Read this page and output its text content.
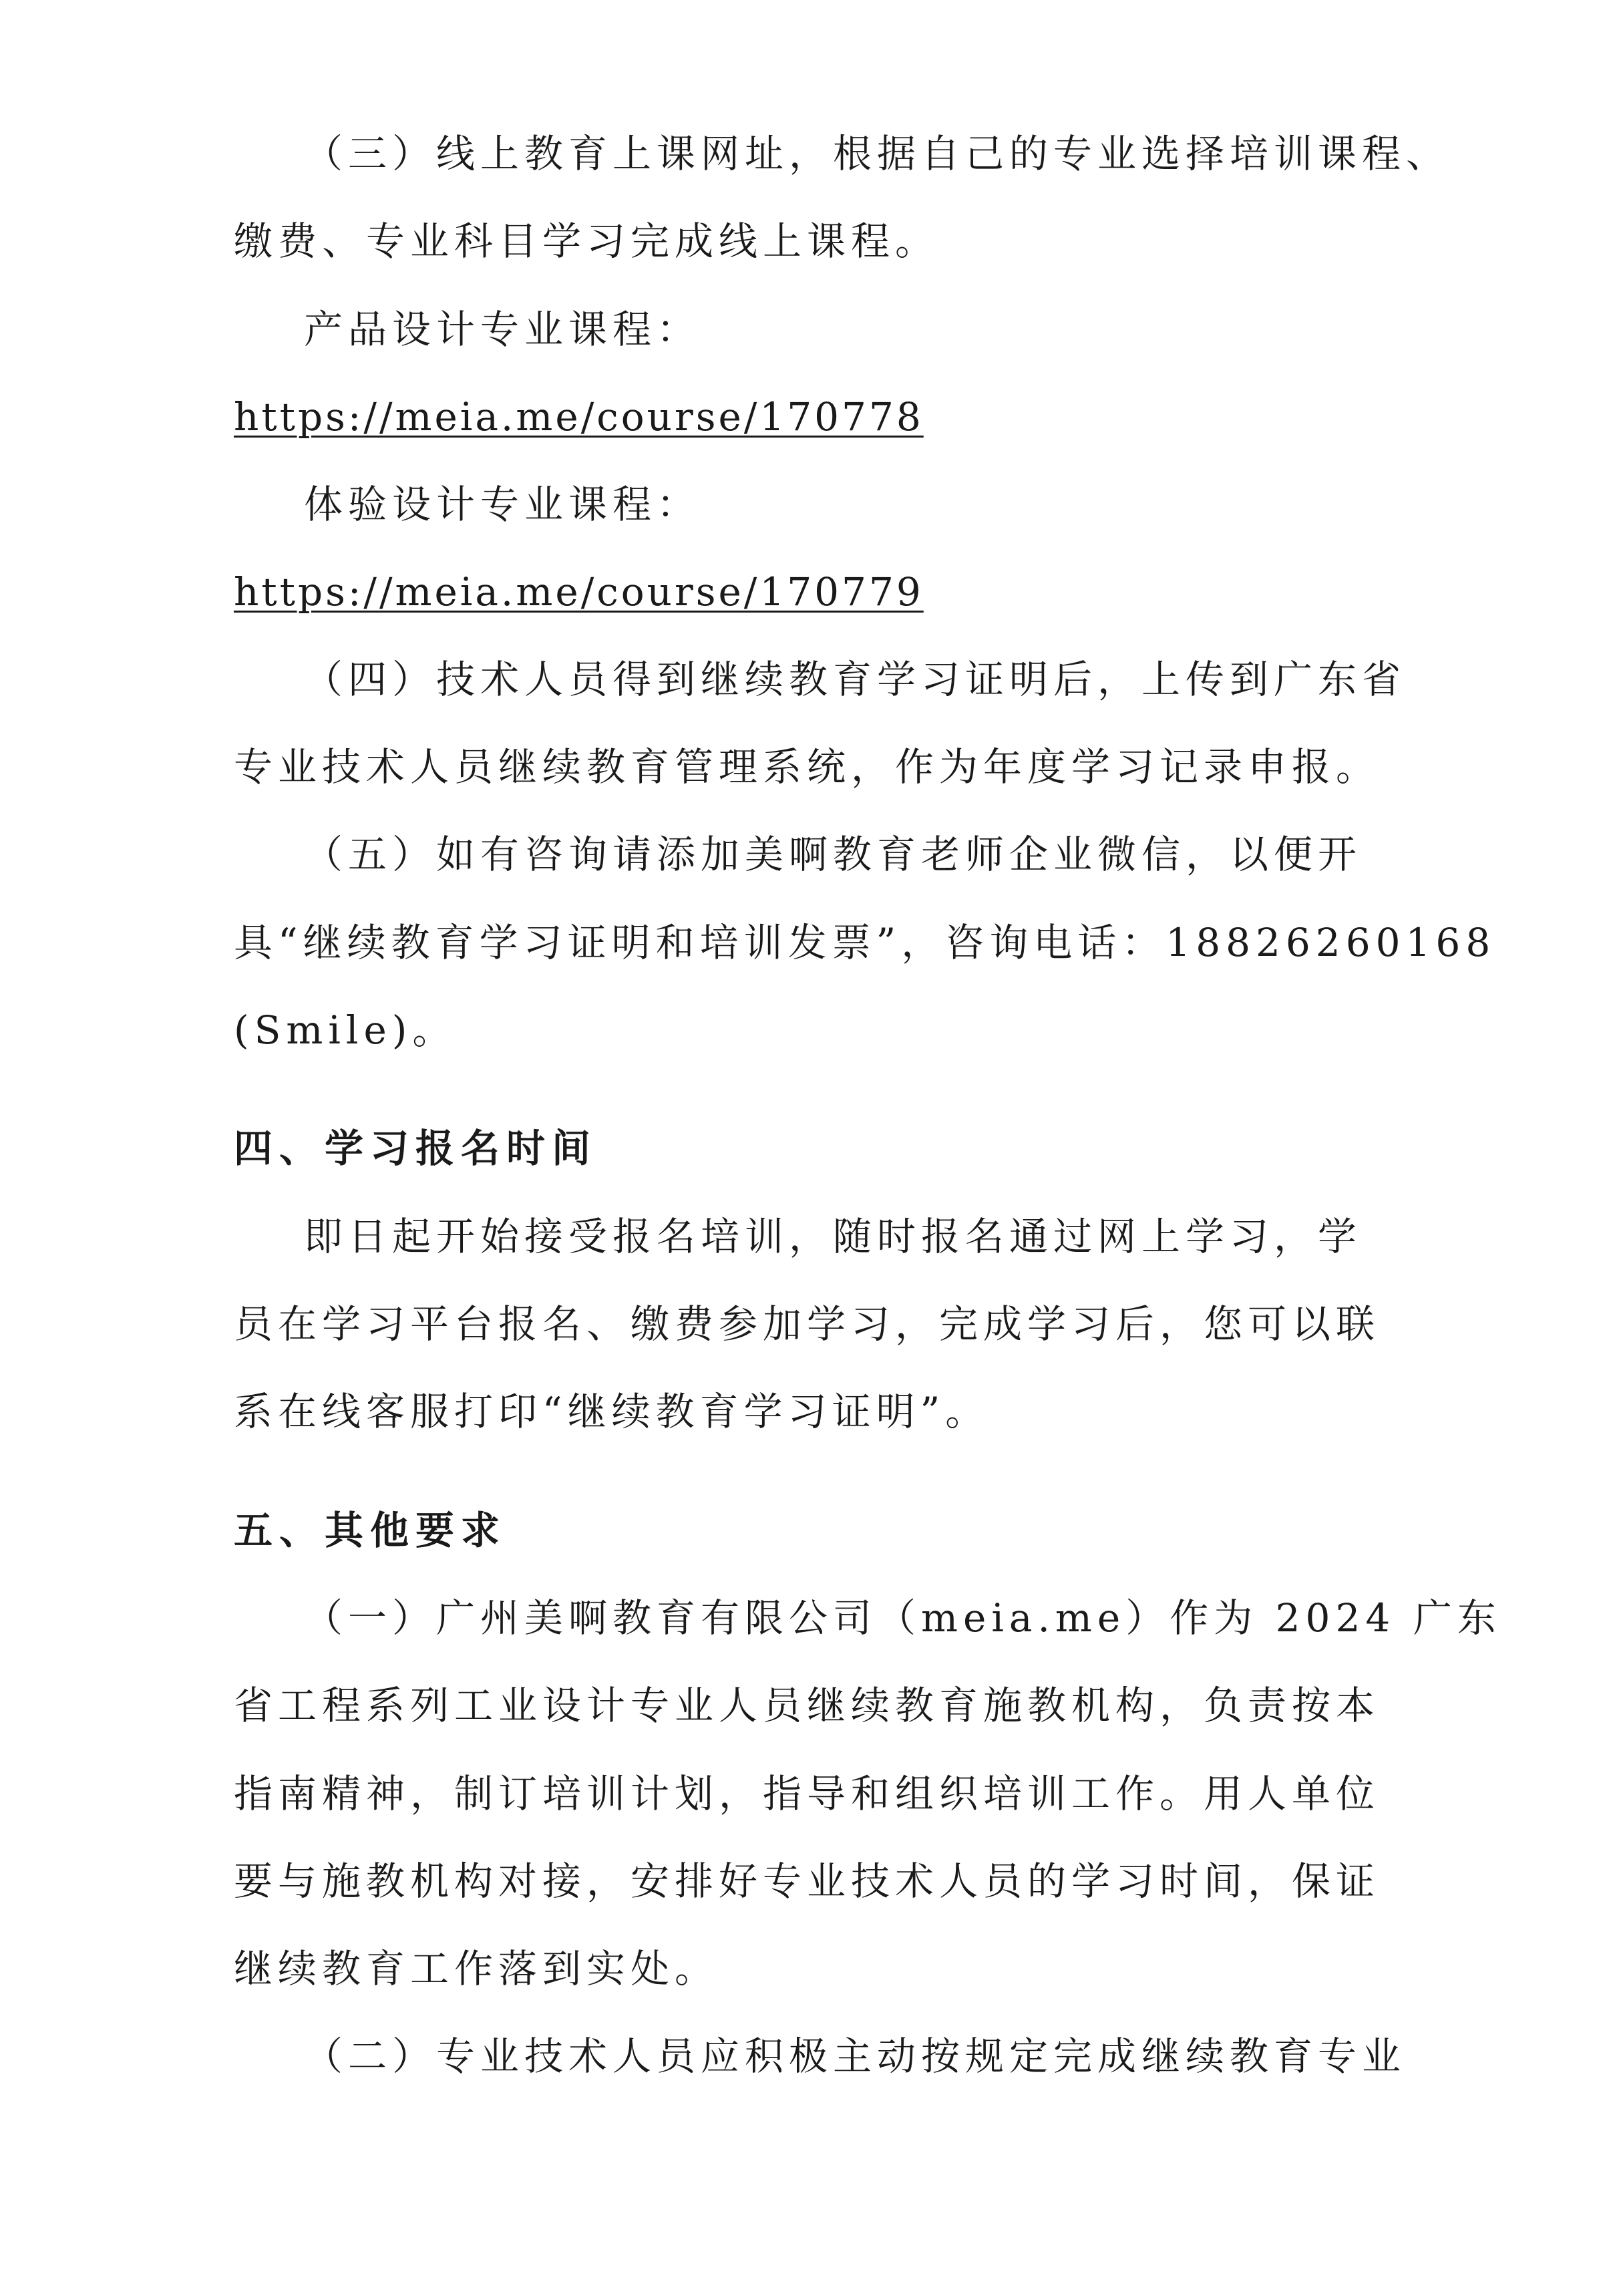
（三）线上教育上课网址，根据自己的专业选择培训课程、
缴费、专业科目学习完成线上课程。
产品设计专业课程：
https://meia.me/course/170778
体验设计专业课程：
https://meia.me/course/170779
（四）技术人员得到继续教育学习证明后，上传到广东省
专业技术人员继续教育管理系统，作为年度学习记录申报。
（五）如有咨询请添加美啊教育老师企业微信，以便开
具“继续教育学习证明和培训发票”，咨询电话：18826260168
(Smile)。
四、学习报名时间
即日起开始接受报名培训，随时报名通过网上学习，学
员在学习平台报名、缴费参加学习，完成学习后，您可以联
系在线客服打印“继续教育学习证明”。
五、其他要求
（一）广州美啊教育有限公司（meia.me）作为 2024 广东
省工程系列工业设计专业人员继续教育施教机构，负责按本
指南精神，制订培训计划，指导和组织培训工作。用人单位
要与施教机构对接，安排好专业技术人员的学习时间，保证
继续教育工作落到实处。
（二）专业技术人员应积极主动按规定完成继续教育专业
